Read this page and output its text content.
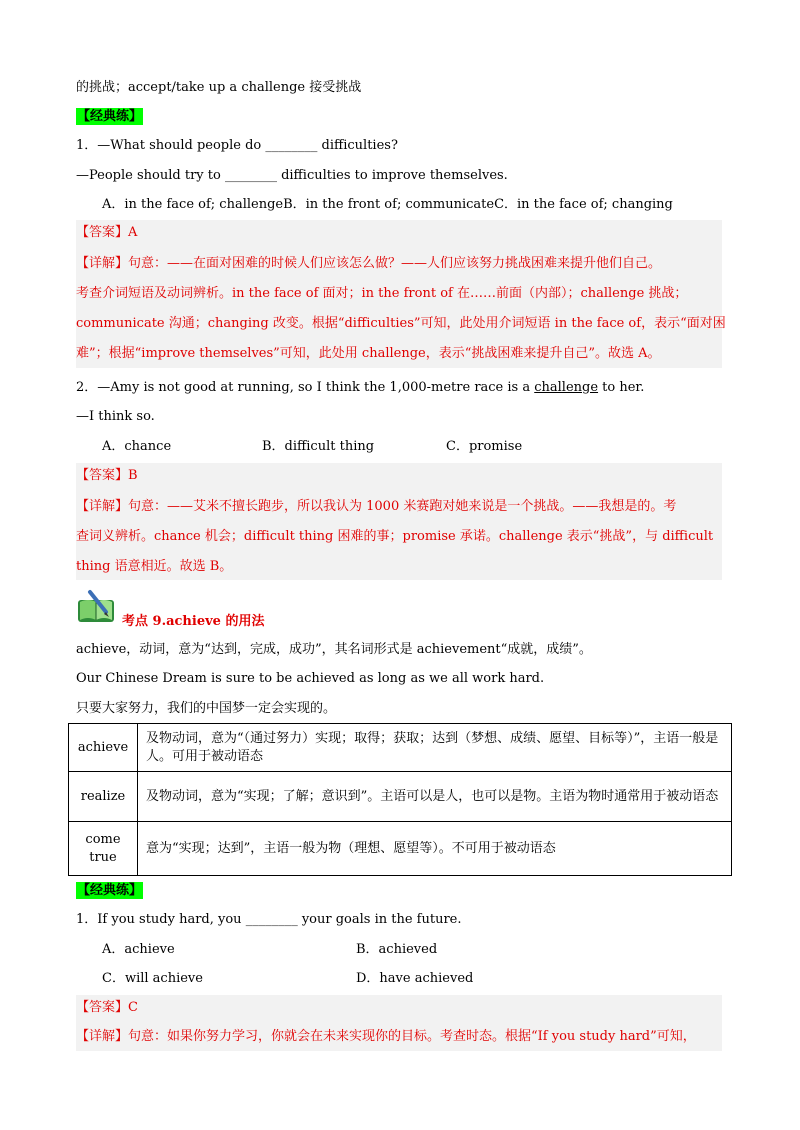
的挑战；accept/take up a challenge 接受挑战
【经典练】
1．—What should people do ________ difficulties?
—People should try to ________ difficulties to improve themselves.
A．in the face of; challengeB．in the front of; communicateC．in the face of; changing
【答案】A
【详解】句意：——在面对困难的时候人们应该怎么做？——人们应该努力挑战困难来提升他们自己。
考查介词短语及动词辨析。in the face of 面对；in the front of 在……前面（内部）；challenge 挑战；
communicate 沟通；changing 改变。根据“difficulties”可知，此处用介词短语 in the face of，表示“面对困
难”；根据“improve themselves”可知，此处用 challenge，表示“挑战困难来提升自己”。故选 A。
2．—Amy is not good at running, so I think the 1,000-metre race is a challenge to her.
—I think so.
A．chance	B．difficult thing	C．promise
【答案】B
【详解】句意：——艾米不擅长跑步，所以我认为 1000 米赛跑对她来说是一个挑战。——我想是的。考
查词义辨析。chance 机会；difficult thing 困难的事；promise 承诺。challenge 表示“挑战”，与 difficult
thing 语意相近。故选 B。
考点 9.achieve 的用法
achieve，动词，意为“达到，完成，成功”，其名词形式是 achievement“成就，成绩”。
Our Chinese Dream is sure to be achieved as long as we all work hard.
只要大家努力，我们的中国梦一定会实现的。
achieve	及物动词，意为“（通过努力）实现；取得；获取；达到（梦想、成绩、愿望、目标等）”，主语一般是人。可用于被动语态
realize	及物动词，意为“实现；了解；意识到”。主语可以是人，也可以是物。主语为物时通常用于被动语态
come true	意为“实现；达到”，主语一般为物（理想、愿望等）。不可用于被动语态
【经典练】
1．If you study hard, you ________ your goals in the future.
A．achieve	B．achieved
C．will achieve	D．have achieved
【答案】C
【详解】句意：如果你努力学习，你就会在未来实现你的目标。考查时态。根据“If you study hard”可知，
